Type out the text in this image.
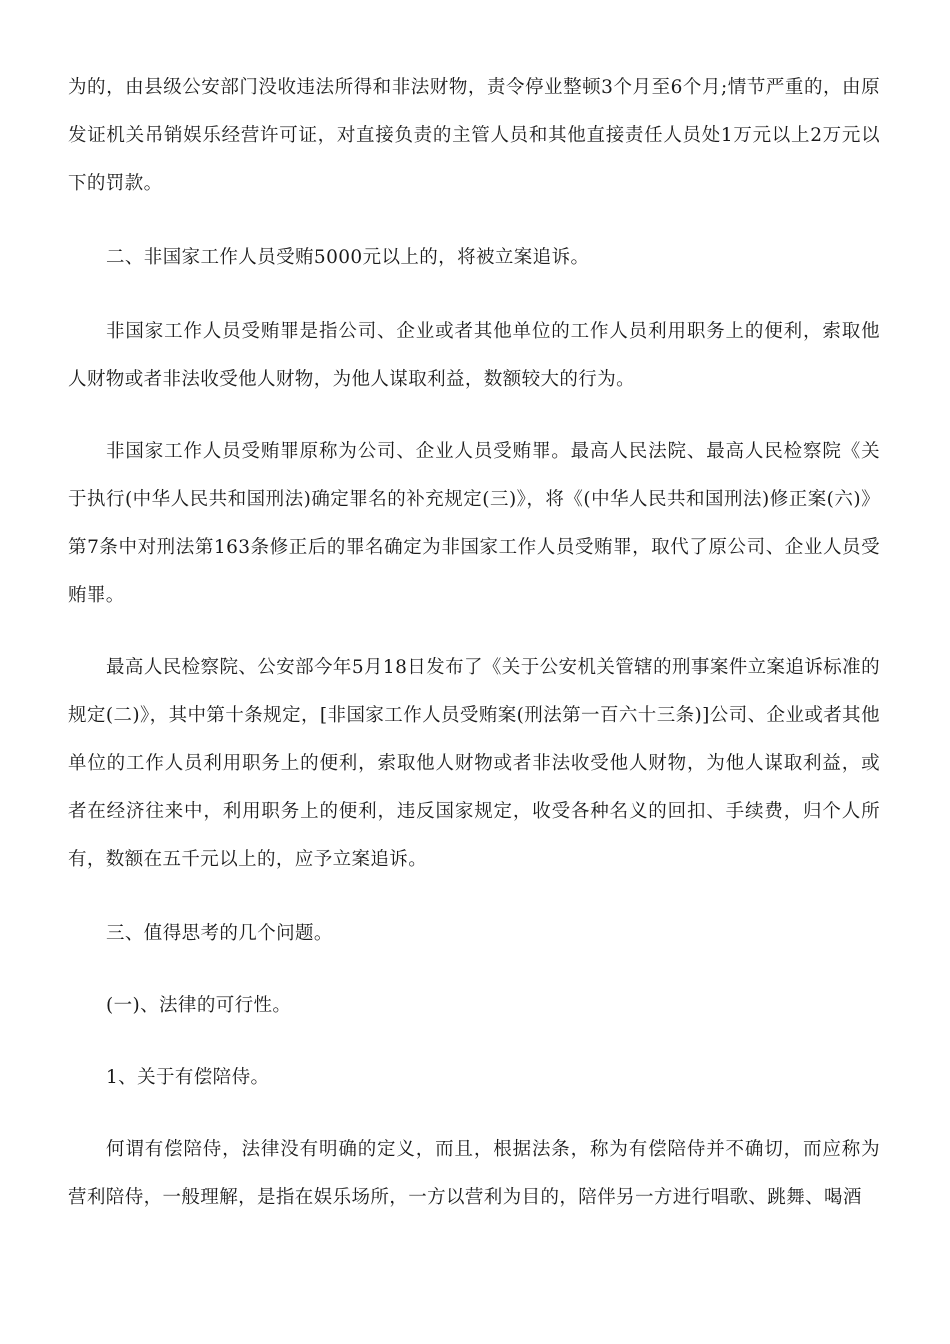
为的，由县级公安部门没收违法所得和非法财物，责令停业整顿3个月至6个月;情节严重的，由原发证机关吊销娱乐经营许可证，对直接负责的主管人员和其他直接责任人员处1万元以上2万元以下的罚款。

二、非国家工作人员受贿5000元以上的，将被立案追诉。

非国家工作人员受贿罪是指公司、企业或者其他单位的工作人员利用职务上的便利，索取他人财物或者非法收受他人财物，为他人谋取利益，数额较大的行为。

非国家工作人员受贿罪原称为公司、企业人员受贿罪。最高人民法院、最高人民检察院《关于执行(中华人民共和国刑法)确定罪名的补充规定(三)》，将《(中华人民共和国刑法)修正案(六)》第7条中对刑法第163条修正后的罪名确定为非国家工作人员受贿罪，取代了原公司、企业人员受贿罪。

最高人民检察院、公安部今年5月18日发布了《关于公安机关管辖的刑事案件立案追诉标准的规定(二)》，其中第十条规定，[非国家工作人员受贿案(刑法第一百六十三条)]公司、企业或者其他单位的工作人员利用职务上的便利，索取他人财物或者非法收受他人财物，为他人谋取利益，或者在经济往来中，利用职务上的便利，违反国家规定，收受各种名义的回扣、手续费，归个人所有，数额在五千元以上的，应予立案追诉。

三、值得思考的几个问题。

(一)、法律的可行性。

1、关于有偿陪侍。

何谓有偿陪侍，法律没有明确的定义，而且，根据法条，称为有偿陪侍并不确切，而应称为营利陪侍，一般理解，是指在娱乐场所，一方以营利为目的，陪伴另一方进行唱歌、跳舞、喝酒
